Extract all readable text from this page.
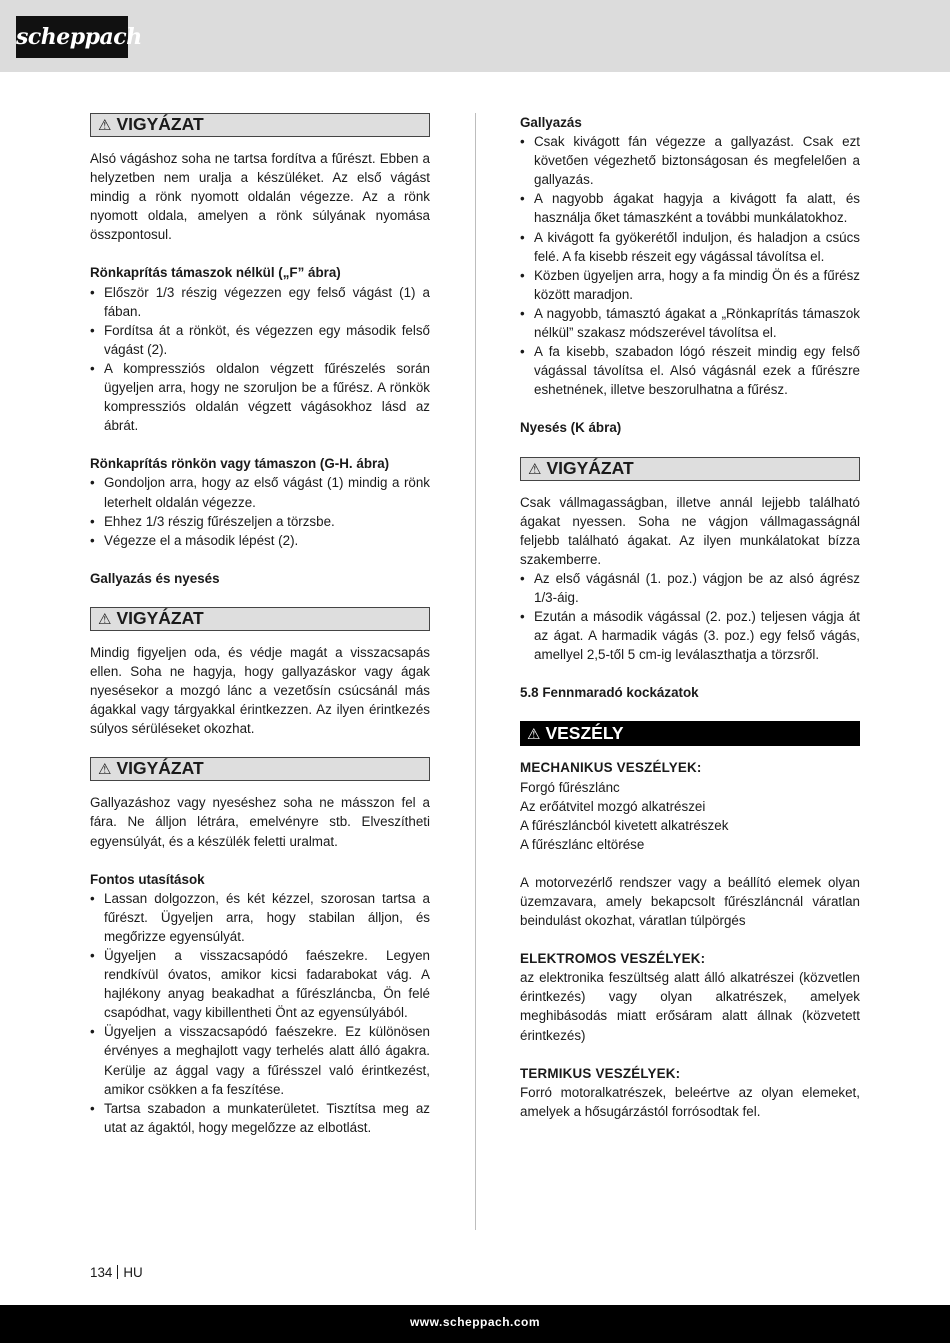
scheppach
⚠ VIGYÁZAT

Alsó vágáshoz soha ne tartsa fordítva a fűrészt. Ebben a helyzetben nem uralja a készüléket. Az első vágást mindig a rönk nyomott oldalán végezze. Az a rönk nyomott oldala, amelyen a rönk súlyának nyomása összpontosul.

Rönkaprítás támaszok nélkül („F” ábra)

• Először 1/3 részig végezzen egy felső vágást (1) a fában.
• Fordítsa át a rönköt, és végezzen egy második felső vágást (2).
• A kompressziós oldalon végzett fűrészelés során ügyeljen arra, hogy ne szoruljon be a fűrész. A rönkök kompressziós oldalán végzett vágásokhoz lásd az ábrát.

Rönkaprítás rönkön vagy támaszon (G-H. ábra)

• Gondoljon arra, hogy az első vágást (1) mindig a rönk leterhelt oldalán végezze.
• Ehhez 1/3 részig fűrészeljen a törzsbe.
• Végezze el a második lépést (2).

Gallyazás és nyesés

⚠ VIGYÁZAT

Mindig figyeljen oda, és védje magát a visszacsapás ellen. Soha ne hagyja, hogy gallyazáskor vagy ágak nyesésekor a mozgó lánc a vezetősín csúcsánál más ágakkal vagy tárgyakkal érintkezzen. Az ilyen érintkezés súlyos sérüléseket okozhat.

⚠ VIGYÁZAT

Gallyazáshoz vagy nyeséshez soha ne másszon fel a fára. Ne álljon létrára, emelvényre stb. Elveszítheti egyensúlyát, és a készülék feletti uralmat.

Fontos utasítások

• Lassan dolgozzon, és két kézzel, szorosan tartsa a fűrészt. Ügyeljen arra, hogy stabilan álljon, és megőrizze egyensúlyát.
• Ügyeljen a visszacsapódó faészekre. Legyen rendkívül óvatos, amikor kicsi fadarabokat vág. A hajlékony anyag beakadhat a fűrészláncba, Ön felé csapódhat, vagy kibillentheti Önt az egyensúlyából.
• Ügyeljen a visszacsapódó faészekre. Ez különösen érvényes a meghajlott vagy terhelés alatt álló ágakra. Kerülje az ággal vagy a fűrésszel való érintkezést, amikor csökken a fa feszítése.
• Tartsa szabadon a munkaterületet. Tisztítsa meg az utat az ágaktól, hogy megelőzze az elbotlást.

Gallyazás

• Csak kivágott fán végezze a gallyazást. Csak ezt követően végezhető biztonságosan és megfelelően a gallyazás.
• A nagyobb ágakat hagyja a kivágott fa alatt, és használja őket támaszként a további munkálatokhoz.
• A kivágott fa gyökerétől induljon, és haladjon a csúcs felé. A fa kisebb részeit egy vágással távolítsa el.
• Közben ügyeljen arra, hogy a fa mindig Ön és a fűrész között maradjon.
• A nagyobb, támasztó ágakat a „Rönkaprítás támaszok nélkül” szakasz módszerével távolítsa el.
• A fa kisebb, szabadon lógó részeit mindig egy felső vágással távolítsa el. Alsó vágásnál ezek a fűrészre eshetnének, illetve beszorulhatna a fűrész.

Nyesés (K ábra)

⚠ VIGYÁZAT

Csak vállmagasságban, illetve annál lejjebb található ágakat nyessen. Soha ne vágjon vállmagasságnál feljebb található ágakat. Az ilyen munkálatokat bízza szakemberre.

• Az első vágásnál (1. poz.) vágjon be az alsó ágrész 1/3-áig.
• Ezután a második vágással (2. poz.) teljesen vágja át az ágat. A harmadik vágás (3. poz.) egy felső vágás, amellyel 2,5-től 5 cm-ig leválaszthatja a törzsről.

5.8 Fennmaradó kockázatok

⚠ VESZÉLY

MECHANIKUS VESZÉLYEK:

Forgó fűrészlánc

Az erőátvitel mozgó alkatrészei

A fűrészláncból kivetett alkatrészek

A fűrészlánc eltörése

A motorvezérlő rendszer vagy a beállító elemek olyan üzemzavara, amely bekapcsolt fűrészláncnál váratlan beindulást okozhat, váratlan túlpörgés

ELEKTROMOS VESZÉLYEK:

az elektronika feszültség alatt álló alkatrészei (közvetlen érintkezés) vagy olyan alkatrészek, amelyek meghibásodás miatt erősáram alatt állnak (közvetett érintkezés)

TERMIKUS VESZÉLYEK:

Forró motoralkatrészek, beleértve az olyan elemeket, amelyek a hősugárzástól forrósodtak fel.

134 HU
www.scheppach.com
